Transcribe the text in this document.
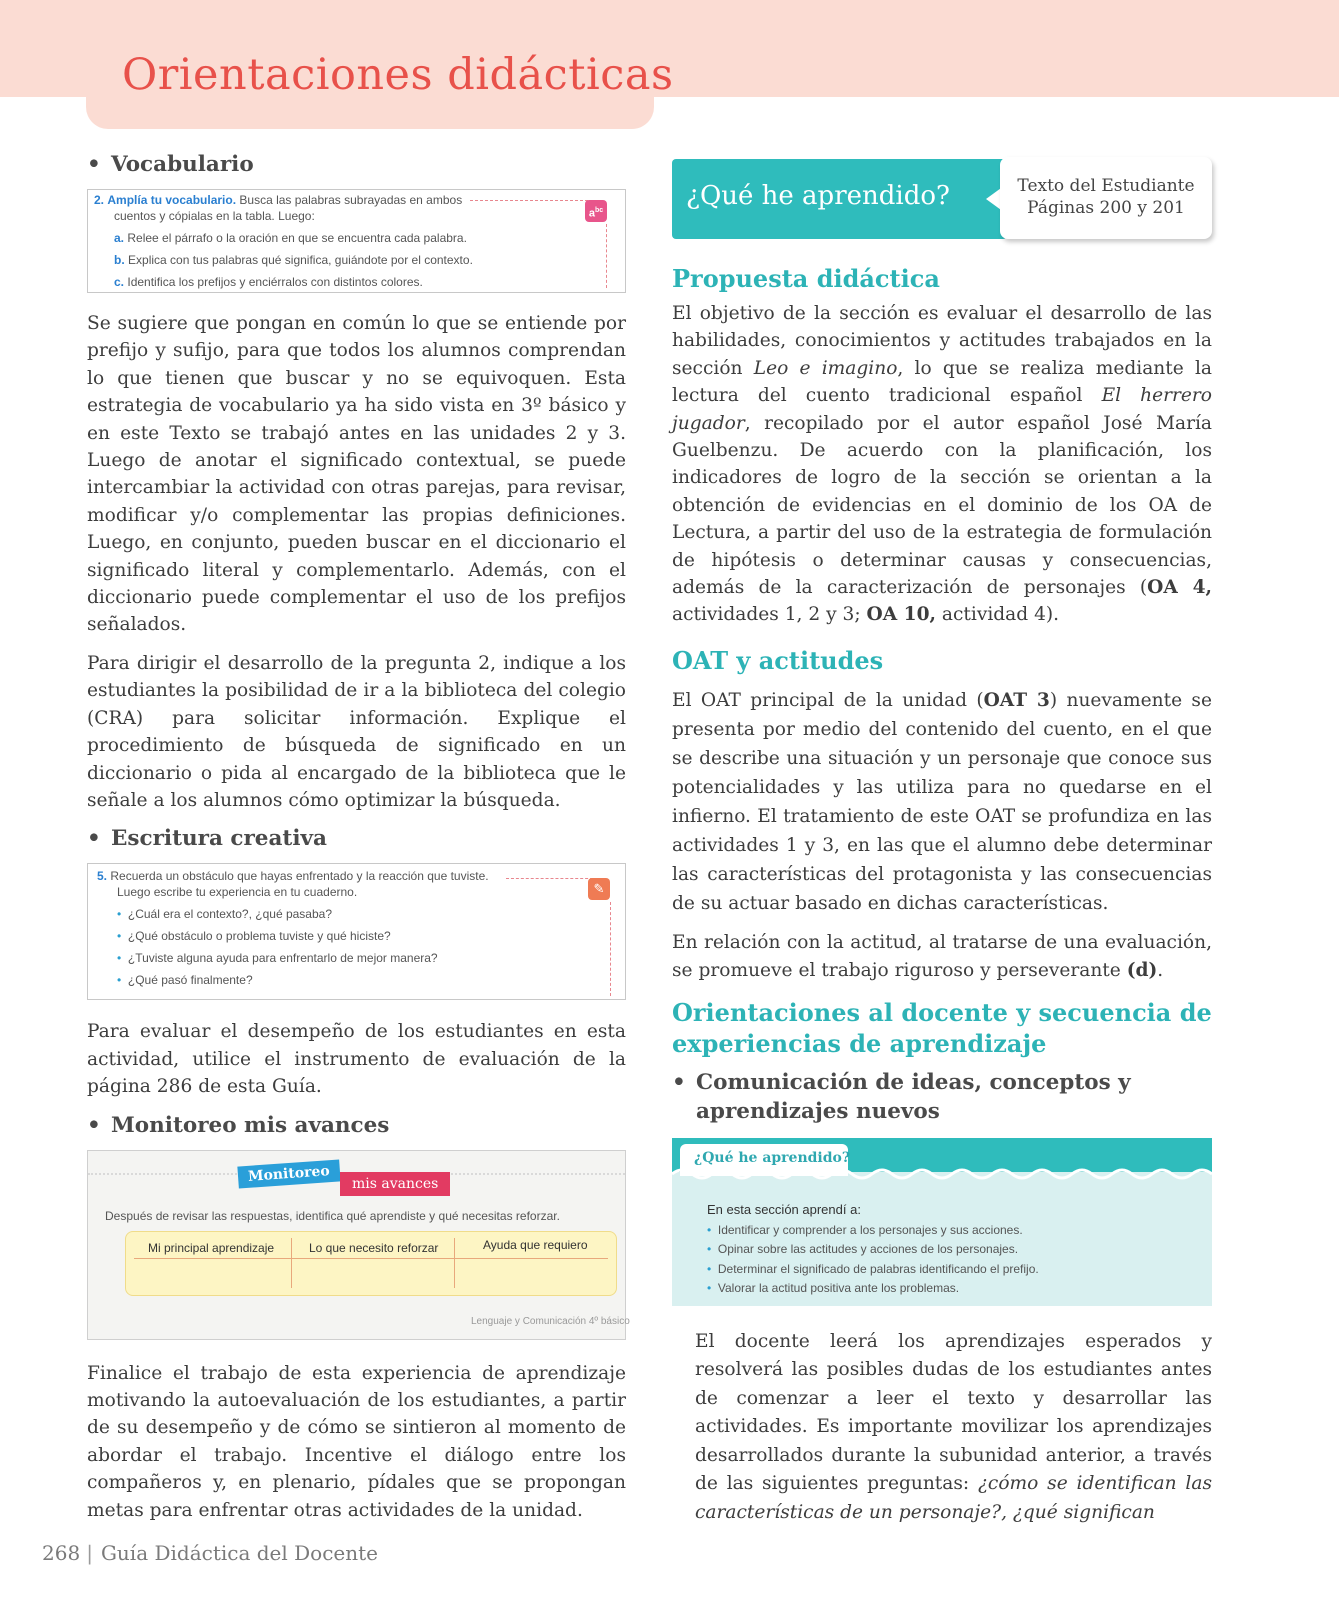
Orientaciones didácticas
• Vocabulario
$a^{bc}$
2. Amplía tu vocabulario. Busca las palabras subrayadas en ambos
cuentos y cópialas en la tabla. Luego:
a. Relee el párrafo o la oración en que se encuentra cada palabra.
b. Explica con tus palabras qué significa, guiándote por el contexto.
c. Identifica los prefijos y enciérralos con distintos colores.

Se sugiere que pongan en común lo que se entiende por prefijo y sufijo, para que todos los alumnos comprendan lo que tienen que buscar y no se equivoquen. Esta estrategia de vocabulario ya ha sido vista en 3º básico y en este Texto se trabajó antes en las unidades 2 y 3. Luego de anotar el significado contextual, se puede intercambiar la actividad con otras parejas, para revisar, modificar y/o complementar las propias definiciones. Luego, en conjunto, pueden buscar en el diccionario el significado literal y complementarlo. Además, con el diccionario puede complementar el uso de los prefijos señalados.

Para dirigir el desarrollo de la pregunta 2, indique a los estudiantes la posibilidad de ir a la biblioteca del colegio (CRA) para solicitar información. Explique el procedimiento de búsqueda de significado en un diccionario o pida al encargado de la biblioteca que le señale a los alumnos cómo optimizar la búsqueda.

• Escritura creativa
✎
5. Recuerda un obstáculo que hayas enfrentado y la reacción que tuviste.
Luego escribe tu experiencia en tu cuaderno.
• ¿Cuál era el contexto?, ¿qué pasaba?
• ¿Qué obstáculo o problema tuviste y qué hiciste?
• ¿Tuviste alguna ayuda para enfrentarlo de mejor manera?
• ¿Qué pasó finalmente?

Para evaluar el desempeño de los estudiantes en esta actividad, utilice el instrumento de evaluación de la página 286 de esta Guía.

• Monitoreo mis avances
Monitoreo	mis avances
Después de revisar las respuestas, identifica qué aprendiste y qué necesitas reforzar.
Mi principal aprendizaje	Lo que necesito reforzar	Ayuda que requiero
Lenguaje y Comunicación 4º básico

Finalice el trabajo de esta experiencia de aprendizaje motivando la autoevaluación de los estudiantes, a partir de su desempeño y de cómo se sintieron al momento de abordar el trabajo. Incentive el diálogo entre los compañeros y, en plenario, pídales que se propongan metas para enfrentar otras actividades de la unidad.

¿Qué he aprendido?	Texto del Estudiante
Páginas 200 y 201
Propuesta didáctica

El objetivo de la sección es evaluar el desarrollo de las habilidades, conocimientos y actitudes trabajados en la sección Leo e imagino, lo que se realiza mediante la lectura del cuento tradicional español El herrero jugador, recopilado por el autor español José María Guelbenzu. De acuerdo con la planificación, los indicadores de logro de la sección se orientan a la obtención de evidencias en el dominio de los OA de Lectura, a partir del uso de la estrategia de formulación de hipótesis o determinar causas y consecuencias, además de la caracterización de personajes (OA 4, actividades 1, 2 y 3; OA 10, actividad 4).

OAT y actitudes

El OAT principal de la unidad (OAT 3) nuevamente se presenta por medio del contenido del cuento, en el que se describe una situación y un personaje que conoce sus potencialidades y las utiliza para no quedarse en el infierno. El tratamiento de este OAT se profundiza en las actividades 1 y 3, en las que el alumno debe determinar las características del protagonista y las consecuencias de su actuar basado en dichas características.

En relación con la actitud, al tratarse de una evaluación, se promueve el trabajo riguroso y perseverante (d).

Orientaciones al docente y secuencia de experiencias de aprendizaje
• Comunicación de ideas, conceptos y aprendizajes nuevos
¿Qué he aprendido?
En esta sección aprendí a:
• Identificar y comprender a los personajes y sus acciones.
• Opinar sobre las actitudes y acciones de los personajes.
• Determinar el significado de palabras identificando el prefijo.
• Valorar la actitud positiva ante los problemas.

El docente leerá los aprendizajes esperados y resolverá las posibles dudas de los estudiantes antes de comenzar a leer el texto y desarrollar las actividades. Es importante movilizar los aprendizajes desarrollados durante la subunidad anterior, a través de las siguientes preguntas: ¿cómo se identifican las características de un personaje?, ¿qué significan

268 | Guía Didáctica del Docente
